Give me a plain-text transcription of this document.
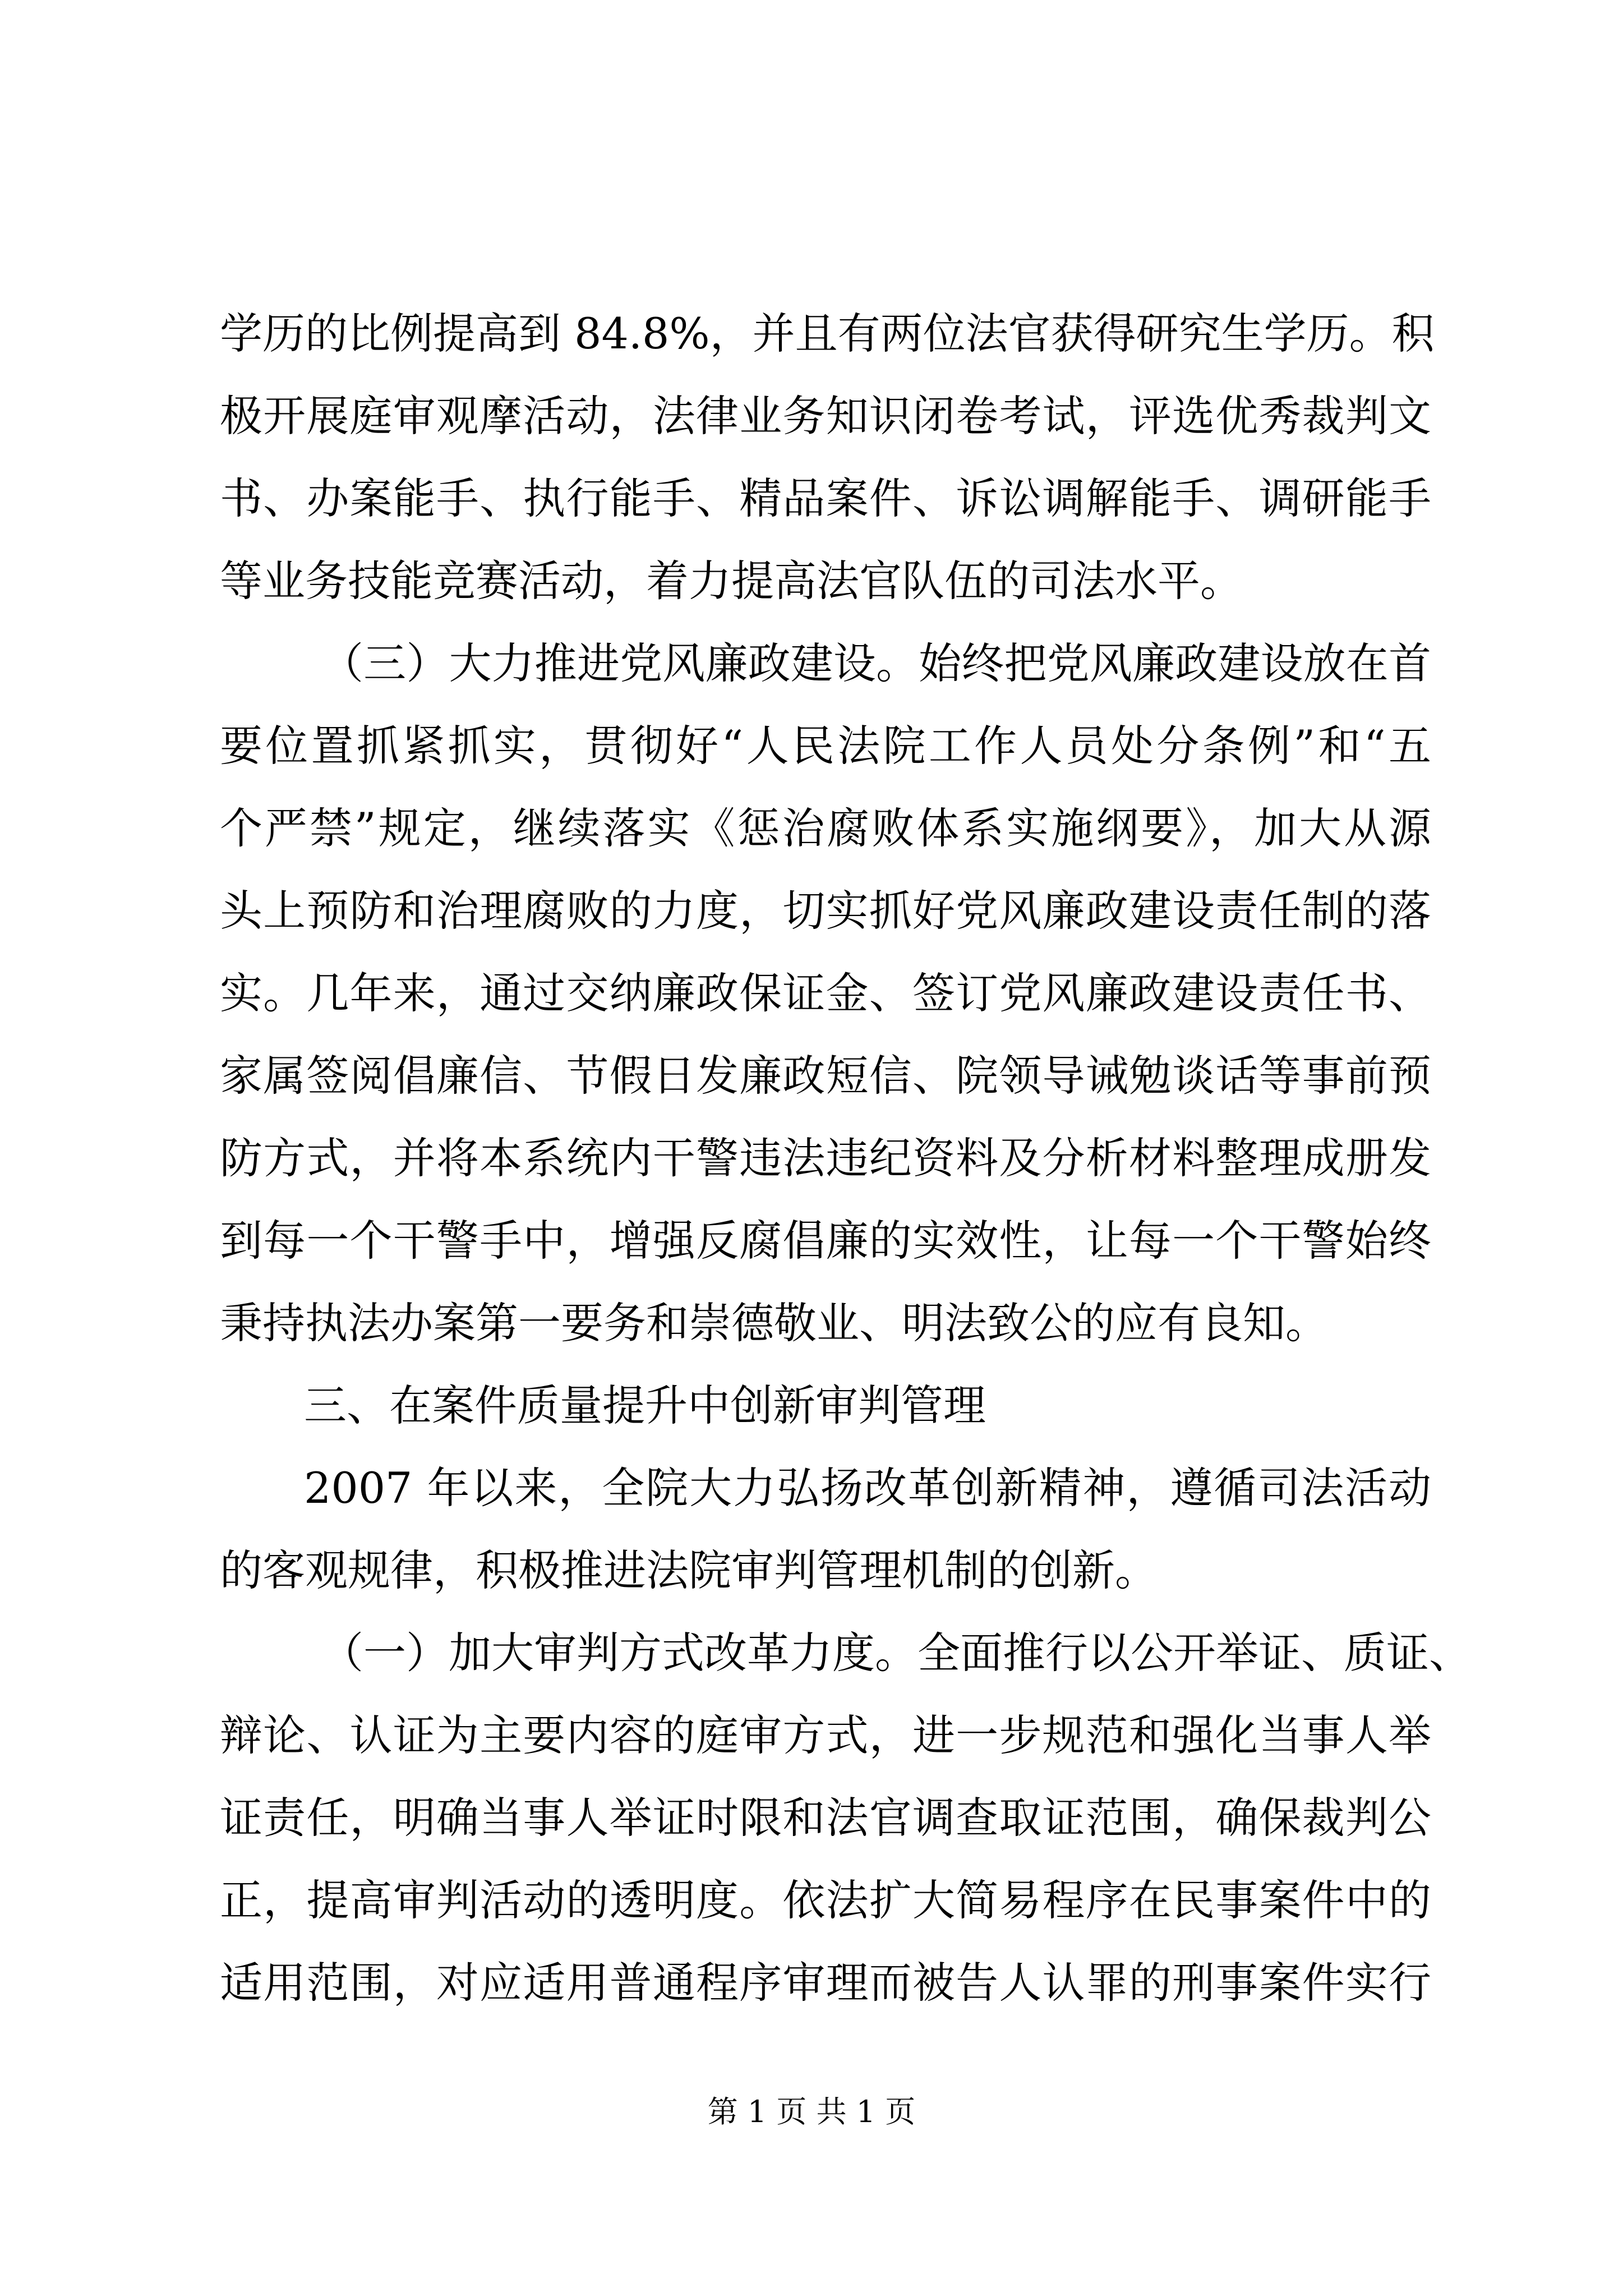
学历的比例提高到 84.8%，并且有两位法官获得研究生学历。积
极开展庭审观摩活动，法律业务知识闭卷考试，评选优秀裁判文
书、办案能手、执行能手、精品案件、诉讼调解能手、调研能手
等业务技能竞赛活动，着力提高法官队伍的司法水平。
（三）大力推进党风廉政建设。始终把党风廉政建设放在首
要位置抓紧抓实，贯彻好“人民法院工作人员处分条例”和“五
个严禁”规定，继续落实《惩治腐败体系实施纲要》，加大从源
头上预防和治理腐败的力度，切实抓好党风廉政建设责任制的落
实。几年来，通过交纳廉政保证金、签订党风廉政建设责任书、
家属签阅倡廉信、节假日发廉政短信、院领导诫勉谈话等事前预
防方式，并将本系统内干警违法违纪资料及分析材料整理成册发
到每一个干警手中，增强反腐倡廉的实效性，让每一个干警始终
秉持执法办案第一要务和崇德敬业、明法致公的应有良知。
三、在案件质量提升中创新审判管理
2007 年以来，全院大力弘扬改革创新精神，遵循司法活动
的客观规律，积极推进法院审判管理机制的创新。
（一）加大审判方式改革力度。全面推行以公开举证、质证、
辩论、认证为主要内容的庭审方式，进一步规范和强化当事人举
证责任，明确当事人举证时限和法官调查取证范围，确保裁判公
正，提高审判活动的透明度。依法扩大简易程序在民事案件中的
适用范围，对应适用普通程序审理而被告人认罪的刑事案件实行
第 1 页 共 1 页
